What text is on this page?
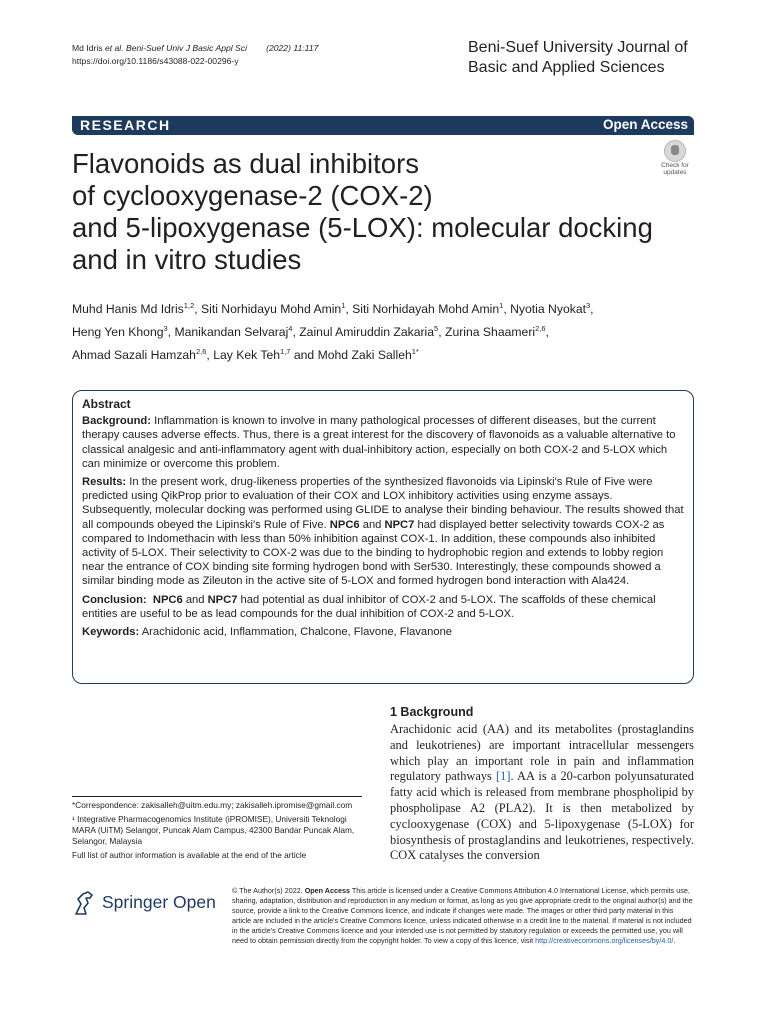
Md Idris et al. Beni-Suef Univ J Basic Appl Sci (2022) 11:117
https://doi.org/10.1186/s43088-022-00296-y
Beni-Suef University Journal of
Basic and Applied Sciences
RESEARCH	Open Access
Flavonoids as dual inhibitors
of cyclooxygenase-2 (COX-2)
and 5-lipoxygenase (5-LOX): molecular docking
and in vitro studies
Check for
updates
Muhd Hanis Md Idris$^{1,2}$, Siti Norhidayu Mohd Amin$^1$, Siti Norhidayah Mohd Amin$^1$, Nyotia Nyokat$^3$,
Heng Yen Khong$^3$, Manikandan Selvaraj$^4$, Zainul Amiruddin Zakaria$^5$, Zurina Shaameri$^{2,6}$,
Ahmad Sazali Hamzah$^{2,6}$, Lay Kek Teh$^{1,7}$ and Mohd Zaki Salleh$^{1*}$

Abstract

Background: Inflammation is known to involve in many pathological processes of different diseases, but the current therapy causes adverse effects. Thus, there is a great interest for the discovery of flavonoids as a valuable alternative to classical analgesic and anti-inflammatory agent with dual-inhibitory action, especially on both COX-2 and 5-LOX which can minimize or overcome this problem.

Results: In the present work, drug-likeness properties of the synthesized flavonoids via Lipinski's Rule of Five were predicted using QikProp prior to evaluation of their COX and LOX inhibitory activities using enzyme assays. Subsequently, molecular docking was performed using GLIDE to analyse their binding behaviour. The results showed that all compounds obeyed the Lipinski's Rule of Five. NPC6 and NPC7 had displayed better selectivity towards COX-2 as compared to Indomethacin with less than 50% inhibition against COX-1. In addition, these compounds also inhibited activity of 5-LOX. Their selectivity to COX-2 was due to the binding to hydrophobic region and extends to lobby region near the entrance of COX binding site forming hydrogen bond with Ser530. Interestingly, these compounds showed a similar binding mode as Zileuton in the active site of 5-LOX and formed hydrogen bond interaction with Ala424.

Conclusion: NPC6 and NPC7 had potential as dual inhibitor of COX-2 and 5-LOX. The scaffolds of these chemical entities are useful to be as lead compounds for the dual inhibition of COX-2 and 5-LOX.

Keywords: Arachidonic acid, Inflammation, Chalcone, Flavone, Flavanone

1 Background
Arachidonic acid (AA) and its metabolites (prostaglandins and leukotrienes) are important intracellular messengers which play an important role in pain and inflammation regulatory pathways [1]. AA is a 20-carbon polyunsaturated fatty acid which is released from membrane phospholipid by phospholipase A2 (PLA2). It is then metabolized by cyclooxygenase (COX) and 5-lipoxygenase (5-LOX) for biosynthesis of prostaglandins and leukotrienes, respectively. COX catalyses the conversion

*Correspondence: zakisalleh@uitm.edu.my; zakisalleh.ipromise@gmail.com

¹ Integrative Pharmacogenomics Institute (iPROMISE), Universiti Teknologi MARA (UiTM) Selangor, Puncak Alam Campus, 42300 Bandar Puncak Alam, Selangor, Malaysia

Full list of author information is available at the end of the article

Springer Open
© The Author(s) 2022. Open Access This article is licensed under a Creative Commons Attribution 4.0 International License, which permits use, sharing, adaptation, distribution and reproduction in any medium or format, as long as you give appropriate credit to the original author(s) and the source, provide a link to the Creative Commons licence, and indicate if changes were made. The images or other third party material in this article are included in the article's Creative Commons licence, unless indicated otherwise in a credit line to the material. If material is not included in the article's Creative Commons licence and your intended use is not permitted by statutory regulation or exceeds the permitted use, you will need to obtain permission directly from the copyright holder. To view a copy of this licence, visit http://creativecommons.org/licenses/by/4.0/.
